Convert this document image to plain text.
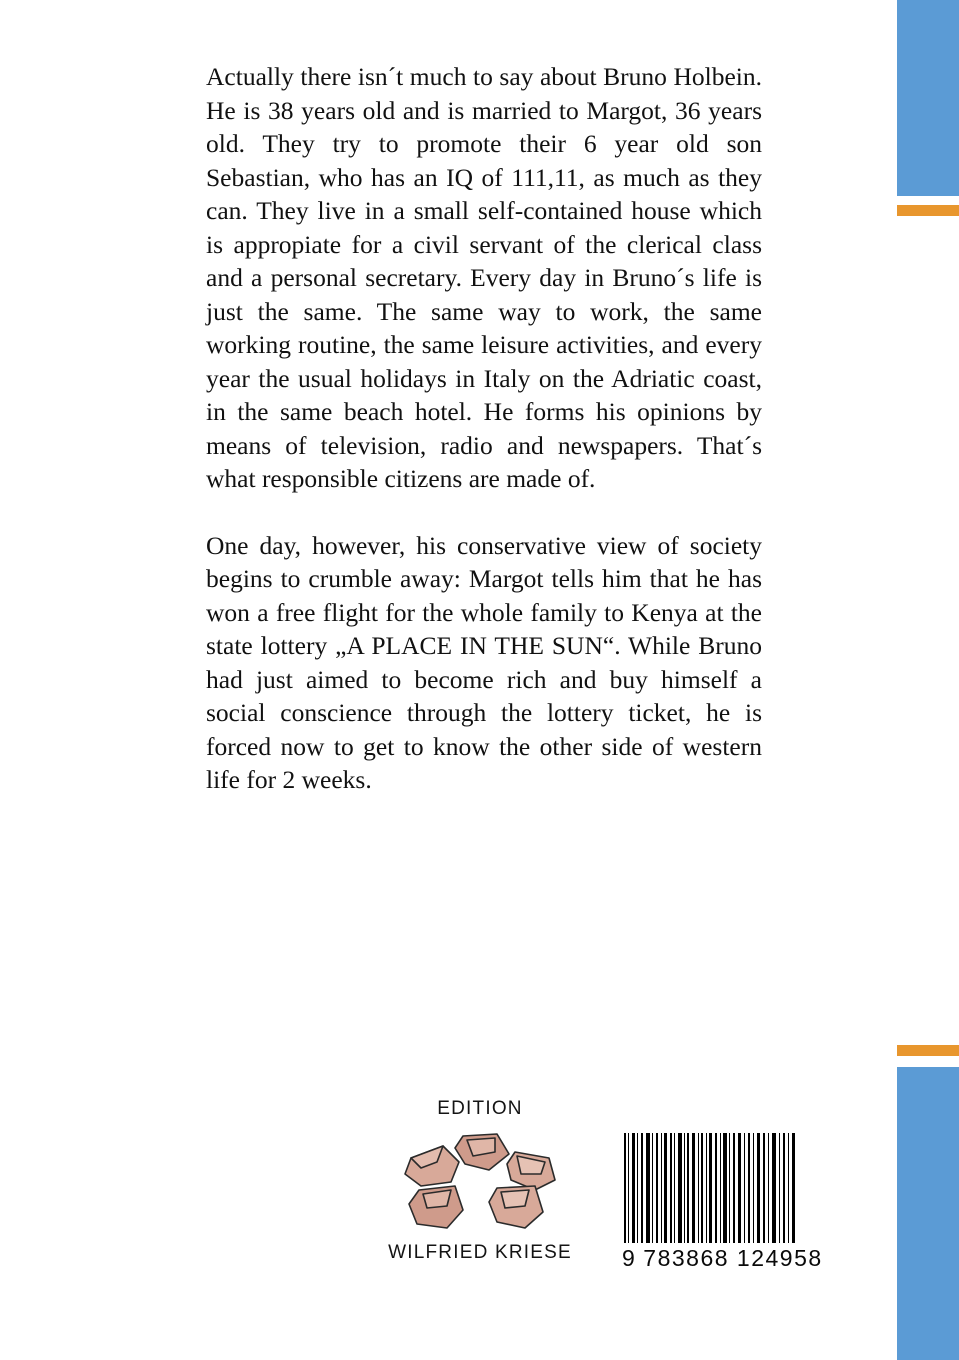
Actually there isn´t much to say about Bruno Holbein. He is 38 years old and is married to Margot, 36 years old. They try to promote their 6 year old son Sebastian, who has an IQ of 111,11, as much as they can. They live in a small self-contained house which is appropiate for a civil servant of the clerical class and a personal secretary. Every day in Bruno´s life is just the same. The same way to work, the same working routine, the same leisure activities, and every year the usual holidays in Italy on the Adriatic coast, in the same beach hotel. He forms his opinions by means of television, radio and newspapers. That´s what responsible citizens are made of.

One day, however, his conservative view of society begins to crumble away: Margot tells him that he has won a free flight for the whole family to Kenya at the state lottery „A PLACE IN THE SUN“. While Bruno had just aimed to become rich and buy himself a social conscience through the lottery ticket, he is forced now to get to know the other side of western life for 2 weeks.

EDITION
WILFRIED KRIESE	9 783868 124958
